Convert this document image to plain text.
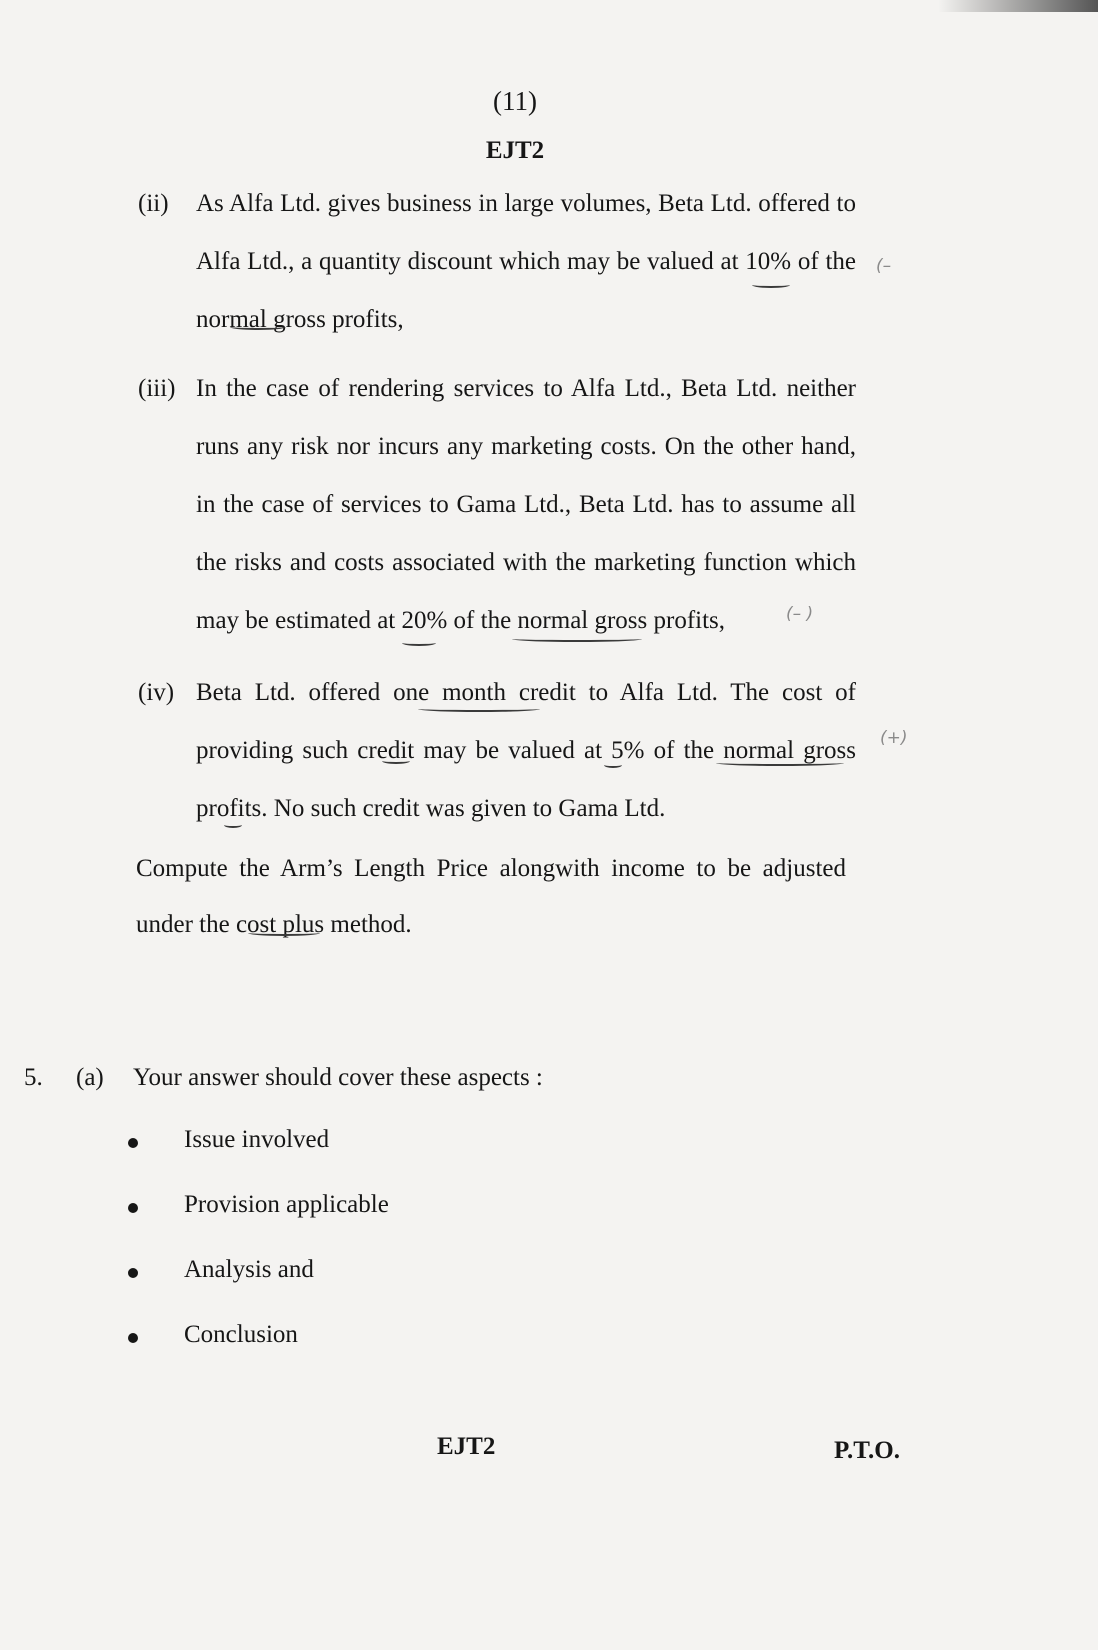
(11)
EJT2
(ii) As Alfa Ltd. gives business in large volumes, Beta Ltd. offered to Alfa Ltd., a quantity discount which may be valued at 10% of the normal gross profits,
(iii) In the case of rendering services to Alfa Ltd., Beta Ltd. neither runs any risk nor incurs any marketing costs. On the other hand, in the case of services to Gama Ltd., Beta Ltd. has to assume all the risks and costs associated with the marketing function which may be estimated at 20% of the normal gross profits,
(iv) Beta Ltd. offered one month credit to Alfa Ltd. The cost of providing such credit may be valued at 5% of the normal gross profits. No such credit was given to Gama Ltd.
Compute the Arm’s Length Price alongwith income to be adjusted under the cost plus method.
5. (a) Your answer should cover these aspects :
Issue involved
Provision applicable
Analysis and
Conclusion
(–
(– )
(+)
EJT2	P.T.O.
